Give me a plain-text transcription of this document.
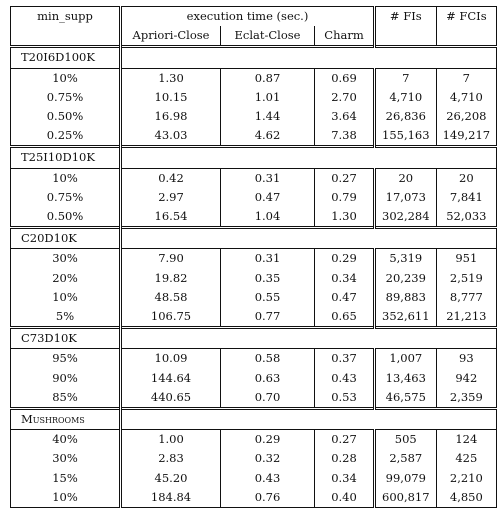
min_supp	execution time (sec.)			# FIs	# FCIs
	Apriori-Close	Eclat-Close	Charm		
T20I6D100K					
10%	1.30	0.87	0.69	7	7
0.75%	10.15	1.01	2.70	4,710	4,710
0.50%	16.98	1.44	3.64	26,836	26,208
0.25%	43.03	4.62	7.38	155,163	149,217
T25I10D10K					
10%	0.42	0.31	0.27	20	20
0.75%	2.97	0.47	0.79	17,073	7,841
0.50%	16.54	1.04	1.30	302,284	52,033
C20D10K					
30%	7.90	0.31	0.29	5,319	951
20%	19.82	0.35	0.34	20,239	2,519
10%	48.58	0.55	0.47	89,883	8,777
5%	106.75	0.77	0.65	352,611	21,213
C73D10K					
95%	10.09	0.58	0.37	1,007	93
90%	144.64	0.63	0.43	13,463	942
85%	440.65	0.70	0.53	46,575	2,359
Mushrooms					
40%	1.00	0.29	0.27	505	124
30%	2.83	0.32	0.28	2,587	425
15%	45.20	0.43	0.34	99,079	2,210
10%	184.84	0.76	0.40	600,817	4,850
